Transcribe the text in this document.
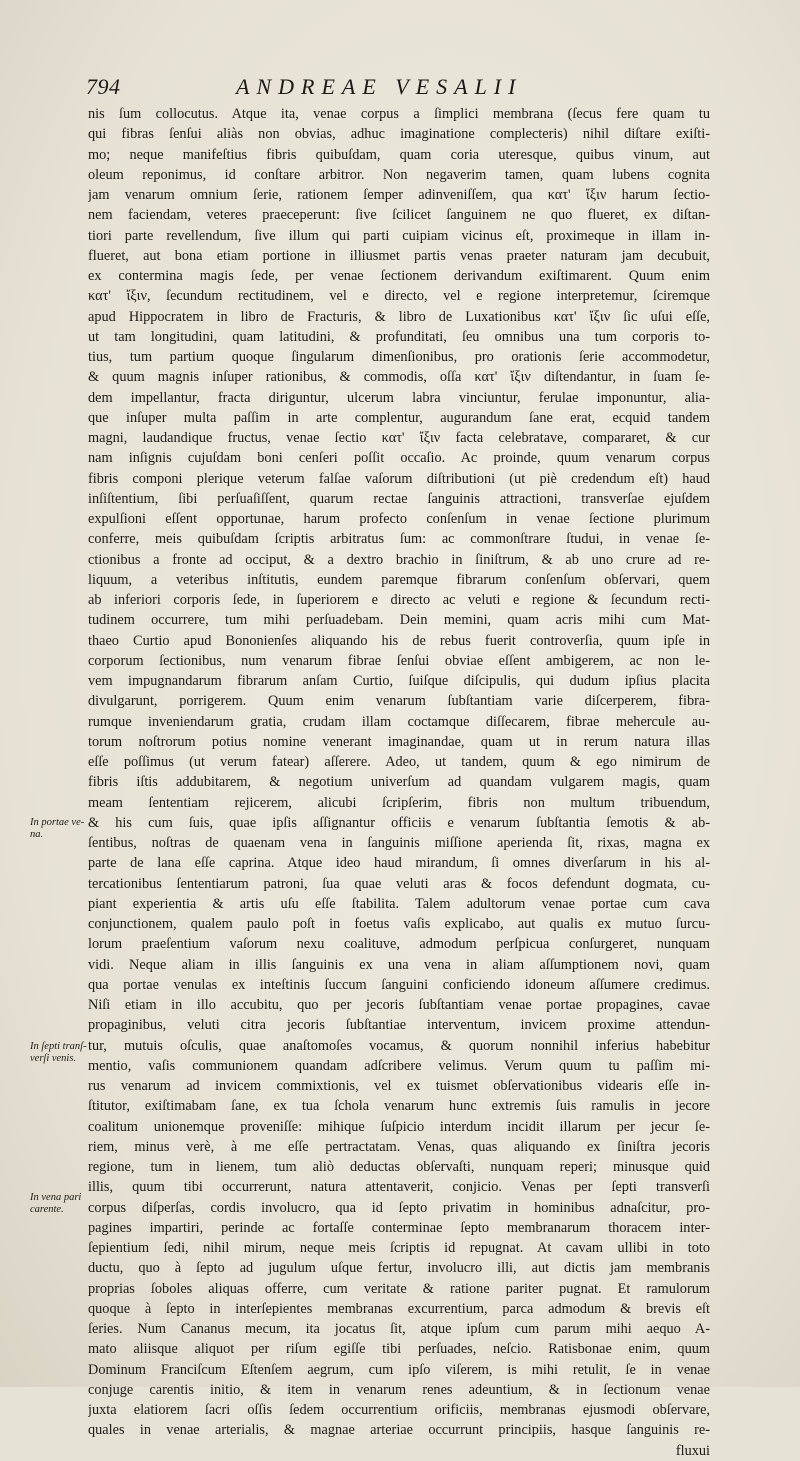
794	ANDREAE VESALII
nis ſum collocutus. Atque ita, venae corpus a ſimplici membrana (ſecus fere quam tu
qui fibras ſenſui aliàs non obvias, adhuc imaginatione complecteris) nihil diſtare exiſti-
mo; neque manifeſtius fibris quibuſdam, quam coria uteresque, quibus vinum, aut
oleum reponimus, id conſtare arbitror. Non negaverim tamen, quam lubens cognita
jam venarum omnium ſerie, rationem ſemper adinveniſſem, qua κατ' ἴξιν harum ſectio-
nem faciendam, veteres praeceperunt: ſive ſcilicet ſanguinem ne quo flueret, ex diſtan-
tiori parte revellendum, ſive illum qui parti cuipiam vicinus eſt, proximeque in illam in-
flueret, aut bona etiam portione in illiusmet partis venas praeter naturam jam decubuit,
ex contermina magis ſede, per venae ſectionem derivandum exiſtimarent. Quum enim
κατ' ἴξιν, ſecundum rectitudinem, vel e directo, vel e regione interpretemur, ſciremque
apud Hippocratem in libro de Fracturis, & libro de Luxationibus κατ' ἴξιν ſic uſui eſſe,
ut tam longitudini, quam latitudini, & profunditati, ſeu omnibus una tum corporis to-
tius, tum partium quoque ſingularum dimenſionibus, pro orationis ſerie accommodetur,
& quum magnis inſuper rationibus, & commodis, oſſa κατ' ἴξιν diſtendantur, in ſuam ſe-
dem impellantur, fracta diriguntur, ulcerum labra vinciuntur, ferulae imponuntur, alia-
que inſuper multa paſſim in arte complentur, augurandum ſane erat, ecquid tandem
magni, laudandique fructus, venae ſectio κατ' ἴξιν facta celebratave, compararet, & cur
nam inſignis cujuſdam boni cenſeri poſſit occaſio. Ac proinde, quum venarum corpus
fibris componi plerique veterum falſae vaſorum diſtributioni (ut piè credendum eſt) haud
inſiſtentium, ſibi perſuaſiſſent, quarum rectae ſanguinis attractioni, transverſae ejuſdem
expulſioni eſſent opportunae, harum profecto conſenſum in venae ſectione plurimum
conferre, meis quibuſdam ſcriptis arbitratus ſum: ac commonſtrare ſtudui, in venae ſe-
ctionibus a fronte ad occiput, & a dextro brachio in ſiniſtrum, & ab uno crure ad re-
liquum, a veteribus inſtitutis, eundem paremque fibrarum conſenſum obſervari, quem
ab inferiori corporis ſede, in ſuperiorem e directo ac veluti e regione & ſecundum recti-
tudinem occurrere, tum mihi perſuadebam. Dein memini, quam acris mihi cum Mat-
thaeo Curtio apud Bononienſes aliquando his de rebus fuerit controverſia, quum ipſe in
corporum ſectionibus, num venarum fibrae ſenſui obviae eſſent ambigerem, ac non le-
vem impugnandarum fibrarum anſam Curtio, ſuiſque diſcipulis, qui dudum ipſius placita
divulgarunt, porrigerem. Quum enim venarum ſubſtantiam varie diſcerperem, fibra-
rumque inveniendarum gratia, crudam illam coctamque diſſecarem, fibrae mehercule au-
torum noſtrorum potius nomine venerant imaginandae, quam ut in rerum natura illas
eſſe poſſimus (ut verum fatear) aſſerere. Adeo, ut tandem, quum & ego nimirum de
fibris iſtis addubitarem, & negotium univerſum ad quandam vulgarem magis, quam
meam ſententiam rejicerem, alicubi ſcripſerim, fibris non multum tribuendum,
& his cum ſuis, quae ipſis aſſignantur officiis e venarum ſubſtantia ſemotis & ab-
ſentibus, noſtras de quaenam vena in ſanguinis miſſione aperienda ſit, rixas, magna ex
parte de lana eſſe caprina. Atque ideo haud mirandum, ſi omnes diverſarum in his al-
tercationibus ſententiarum patroni, ſua quae veluti aras & focos defendunt dogmata, cu-
piant experientia & artis uſu eſſe ſtabilita. Talem adultorum venae portae cum cava
conjunctionem, qualem paulo poſt in foetus vaſis explicabo, aut qualis ex mutuo ſurcu-
lorum praeſentium vaſorum nexu coalituve, admodum perſpicua conſurgeret, nunquam
vidi. Neque aliam in illis ſanguinis ex una vena in aliam aſſumptionem novi, quam
qua portae venulas ex inteſtinis ſuccum ſanguini conficiendo idoneum aſſumere credimus.
Niſi etiam in illo accubitu, quo per jecoris ſubſtantiam venae portae propagines, cavae
propaginibus, veluti citra jecoris ſubſtantiae interventum, invicem proxime attendun-
tur, mutuis oſculis, quae anaſtomoſes vocamus, & quorum nonnihil inferius habebitur
mentio, vaſis communionem quandam adſcribere velimus. Verum quum tu paſſim mi-
rus venarum ad invicem commixtionis, vel ex tuismet obſervationibus videaris eſſe in-
ſtitutor, exiſtimabam ſane, ex tua ſchola venarum hunc extremis ſuis ramulis in jecore
coalitum unionemque proveniſſe: mihique ſuſpicio interdum incidit illarum per jecur ſe-
riem, minus verè, à me eſſe pertractatam. Venas, quas aliquando ex ſiniſtra jecoris
regione, tum in lienem, tum aliò deductas obſervaſti, nunquam reperi; minusque quid
illis, quum tibi occurrerunt, natura attentaverit, conjicio. Venas per ſepti transverſi
corpus diſperſas, cordis involucro, qua id ſepto privatim in hominibus adnaſcitur, pro-
pagines impartiri, perinde ac fortaſſe conterminae ſepto membranarum thoracem inter-
ſepientium ſedi, nihil mirum, neque meis ſcriptis id repugnat. At cavam ullibi in toto
ductu, quo à ſepto ad jugulum uſque fertur, involucro illi, aut dictis jam membranis
proprias ſoboles aliquas offerre, cum veritate & ratione pariter pugnat. Et ramulorum
quoque à ſepto in interſepientes membranas excurrentium, parca admodum & brevis eſt
ſeries. Num Cananus mecum, ita jocatus ſit, atque ipſum cum parum mihi aequo A-
mato aliisque aliquot per riſum egiſſe tibi perſuades, neſcio. Ratisbonae enim, quum
Dominum Franciſcum Eſtenſem aegrum, cum ipſo viſerem, is mihi retulit, ſe in venae
conjuge carentis initio, & item in venarum renes adeuntium, & in ſectionum venae
juxta elatiorem ſacri oſſis ſedem occurrentium orificiis, membranas ejusmodi obſervare,
quales in venae arterialis, & magnae arteriae occurrunt principiis, hasque ſanguinis re-
fluxui
In portae ve- na.
In ſepti tranſ- verſi venis.
In vena pari carente.
